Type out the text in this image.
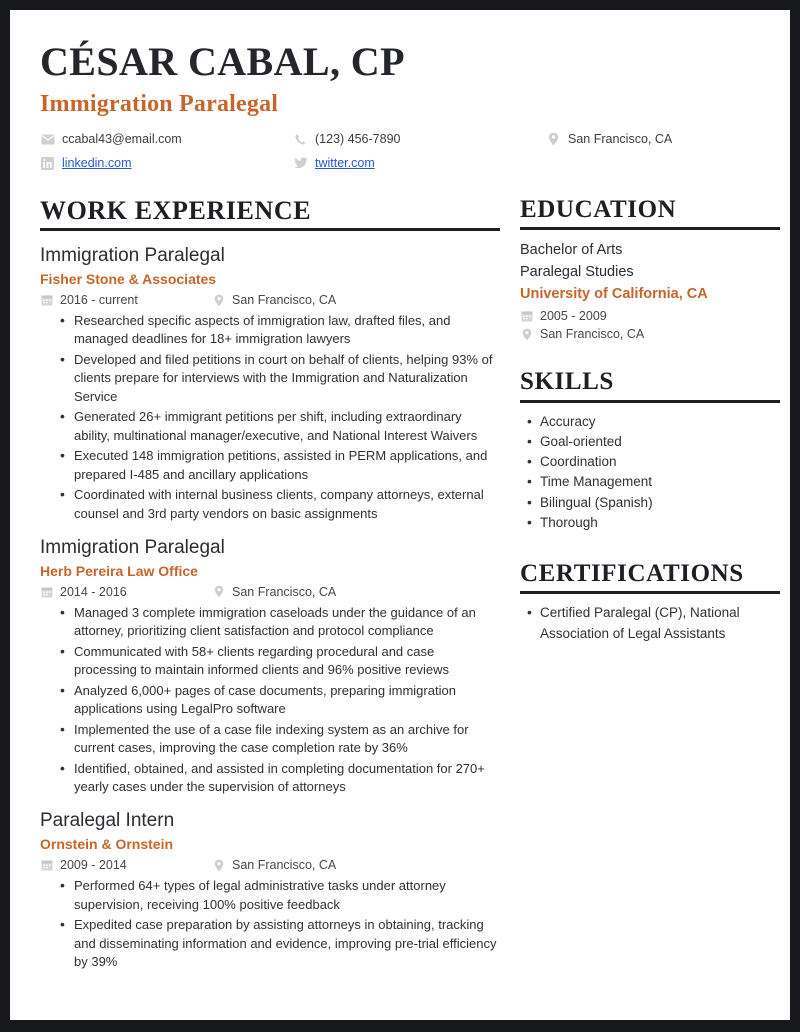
CÉSAR CABAL, CP
Immigration Paralegal
ccabal43@email.com	(123) 456-7890	San Francisco, CA
linkedin.com	twitter.com
WORK EXPERIENCE
Immigration Paralegal
Fisher Stone & Associates
2016 - current	San Francisco, CA
• Researched specific aspects of immigration law, drafted files, and managed deadlines for 18+ immigration lawyers
• Developed and filed petitions in court on behalf of clients, helping 93% of clients prepare for interviews with the Immigration and Naturalization Service
• Generated 26+ immigrant petitions per shift, including extraordinary ability, multinational manager/executive, and National Interest Waivers
• Executed 148 immigration petitions, assisted in PERM applications, and prepared I-485 and ancillary applications
• Coordinated with internal business clients, company attorneys, external counsel and 3rd party vendors on basic assignments
Immigration Paralegal
Herb Pereira Law Office
2014 - 2016	San Francisco, CA
• Managed 3 complete immigration caseloads under the guidance of an attorney, prioritizing client satisfaction and protocol compliance
• Communicated with 58+ clients regarding procedural and case processing to maintain informed clients and 96% positive reviews
• Analyzed 6,000+ pages of case documents, preparing immigration applications using LegalPro software
• Implemented the use of a case file indexing system as an archive for current cases, improving the case completion rate by 36%
• Identified, obtained, and assisted in completing documentation for 270+ yearly cases under the supervision of attorneys
Paralegal Intern
Ornstein & Ornstein
2009 - 2014	San Francisco, CA
• Performed 64+ types of legal administrative tasks under attorney supervision, receiving 100% positive feedback
• Expedited case preparation by assisting attorneys in obtaining, tracking and disseminating information and evidence, improving pre-trial efficiency by 39%
EDUCATION
Bachelor of Arts
Paralegal Studies
University of California, CA
2005 - 2009
San Francisco, CA
SKILLS
• Accuracy
• Goal-oriented
• Coordination
• Time Management
• Bilingual (Spanish)
• Thorough
CERTIFICATIONS
• Certified Paralegal (CP), National Association of Legal Assistants
